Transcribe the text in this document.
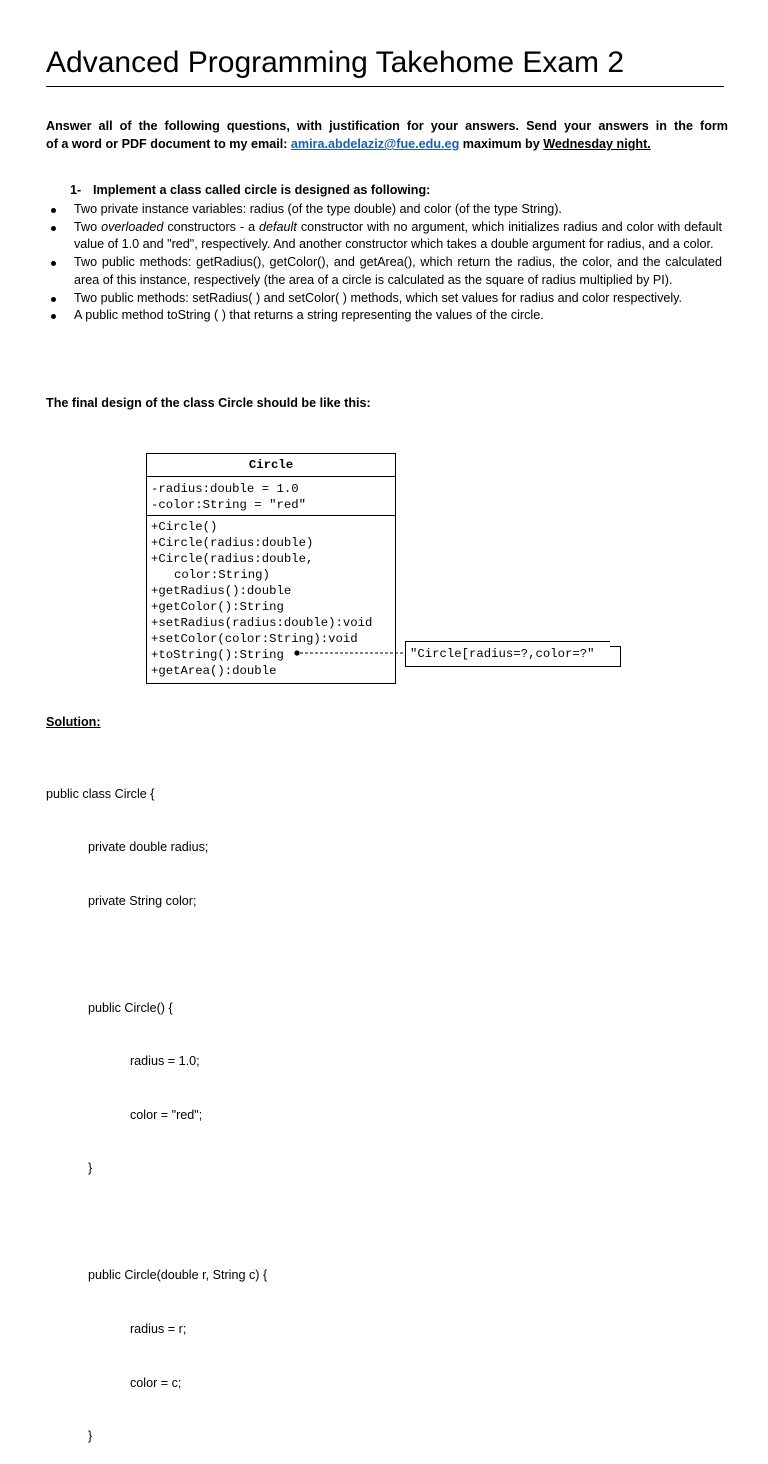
Advanced Programming Takehome Exam 2
Answer all of the following questions, with justification for your answers. Send your answers in the form
of a word or PDF document to my email: amira.abdelaziz@fue.edu.eg maximum by Wednesday night.
1- Implement a class called circle is designed as following:
Two private instance variables: radius (of the type double) and color (of the type String).
Two overloaded constructors - a default constructor with no argument, which initializes radius and color with default value of 1.0 and "red", respectively. And another constructor which takes a double argument for radius, and a color.
Two public methods: getRadius(), getColor(), and getArea(), which return the radius, the color, and the calculated area of this instance, respectively (the area of a circle is calculated as the square of radius multiplied by PI).
Two public methods: setRadius( ) and setColor( ) methods, which set values for radius and color respectively.
A public method toString ( ) that returns a string representing the values of the circle.
The final design of the class Circle should be like this:
Circle
-radius:double = 1.0
-color:String = "red"
+Circle()
+Circle(radius:double)
+Circle(radius:double,
color:String)
+getRadius():double
+getColor():String
+setRadius(radius:double):void
+setColor(color:String):void
+toString():String
+getArea():double
"Circle[radius=?,color=?"
Solution:

public class Circle {

private double radius;

private String color;

public Circle() {

radius = 1.0;

color = "red";

}

public Circle(double r, String c) {

radius = r;

color = c;

}
